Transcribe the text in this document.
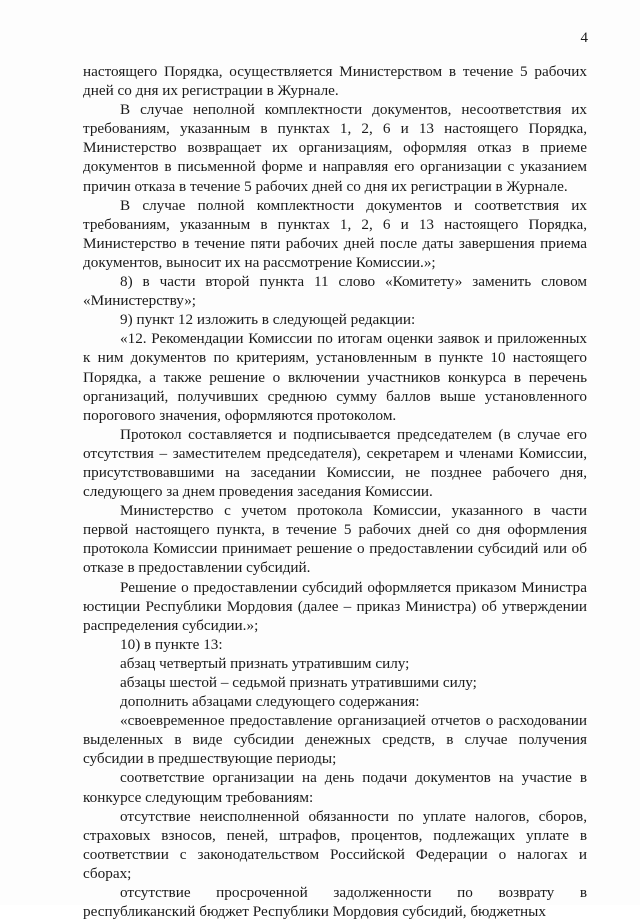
4

настоящего Порядка, осуществляется Министерством в течение 5 рабочих дней со дня их регистрации в Журнале.

В случае неполной комплектности документов, несоответствия их требованиям, указанным в пунктах 1, 2, 6 и 13 настоящего Порядка, Министерство возвращает их организациям, оформляя отказ в приеме документов в письменной форме и направляя его организации с указанием причин отказа в течение 5 рабочих дней со дня их регистрации в Журнале.

В случае полной комплектности документов и соответствия их требованиям, указанным в пунктах 1, 2, 6 и 13 настоящего Порядка, Министерство в течение пяти рабочих дней после даты завершения приема документов, выносит их на рассмотрение Комиссии.»;

8) в части второй пункта 11 слово «Комитету» заменить словом «Министерству»;

9) пункт 12 изложить в следующей редакции:

«12. Рекомендации Комиссии по итогам оценки заявок и приложенных к ним документов по критериям, установленным в пункте 10 настоящего Порядка, а также решение о включении участников конкурса в перечень организаций, получивших среднюю сумму баллов выше установленного порогового значения, оформляются протоколом.

Протокол составляется и подписывается председателем (в случае его отсутствия – заместителем председателя), секретарем и членами Комиссии, присутствовавшими на заседании Комиссии, не позднее рабочего дня, следующего за днем проведения заседания Комиссии.

Министерство с учетом протокола Комиссии, указанного в части первой настоящего пункта, в течение 5 рабочих дней со дня оформления протокола Комиссии принимает решение о предоставлении субсидий или об отказе в предоставлении субсидий.

Решение о предоставлении субсидий оформляется приказом Министра юстиции Республики Мордовия (далее – приказ Министра) об утверждении распределения субсидии.»;

10) в пункте 13:

абзац четвертый признать утратившим силу;

абзацы шестой – седьмой признать утратившими силу;

дополнить абзацами следующего содержания:

«своевременное предоставление организацией отчетов о расходовании выделенных в виде субсидии денежных средств, в случае получения субсидии в предшествующие периоды;

соответствие организации на день подачи документов на участие в конкурсе следующим требованиям:

отсутствие неисполненной обязанности по уплате налогов, сборов, страховых взносов, пеней, штрафов, процентов, подлежащих уплате в соответствии с законодательством Российской Федерации о налогах и сборах;

отсутствие просроченной задолженности по возврату в республиканский бюджет Республики Мордовия субсидий, бюджетных
